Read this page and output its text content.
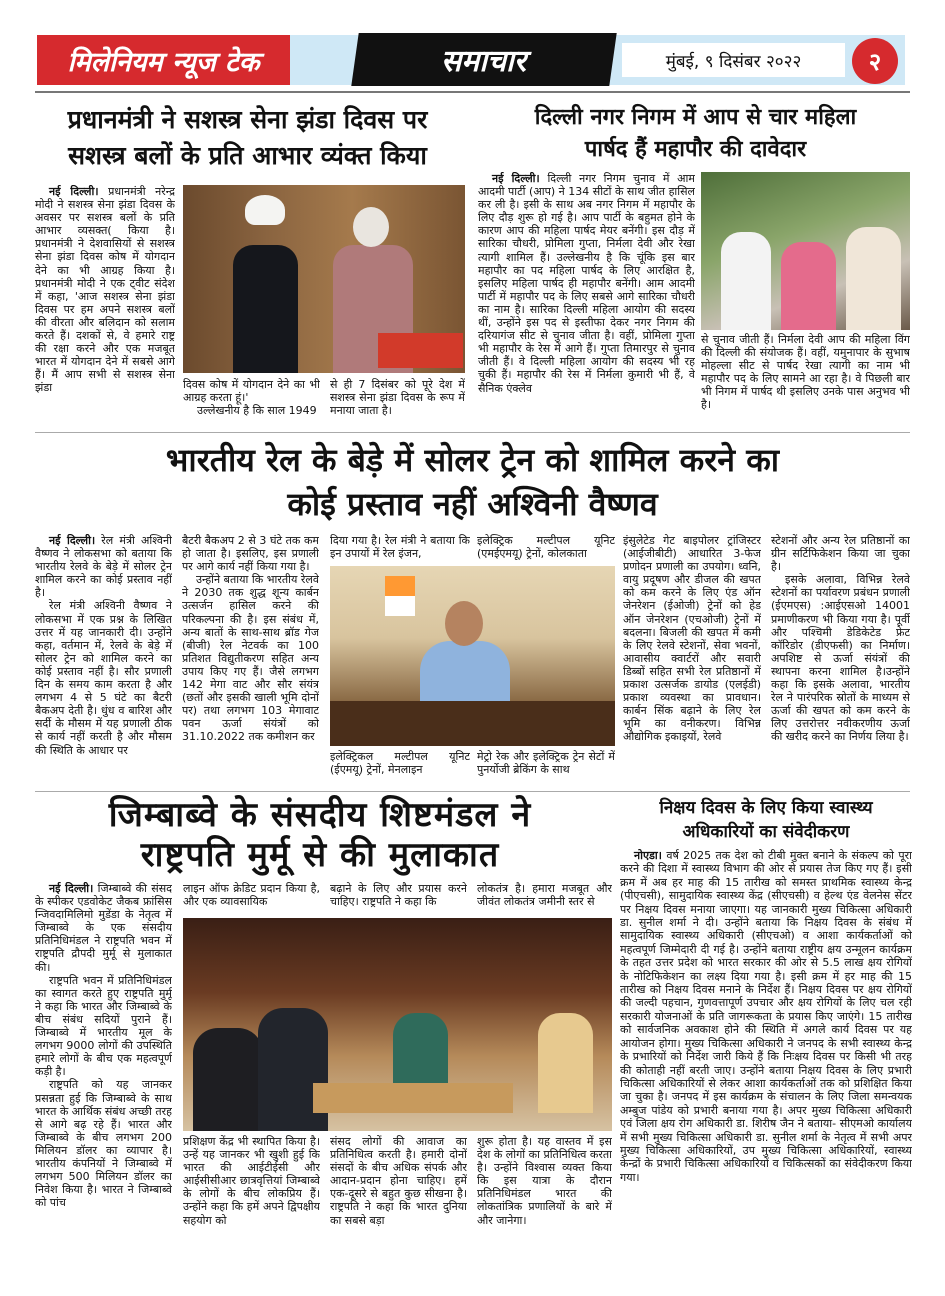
मिलेनियम न्यूज टेक	समाचार	मुंबई, ९ दिसंबर २०२२	२
प्रधानमंत्री ने सशस्त्र सेना झंडा दिवस पर
सशस्त्र बलों के प्रति आभार व्यंक्त किया

नई दिल्ली। प्रधानमंत्री नरेन्द्र मोदी ने सशस्त्र सेना झंडा दिवस के अवसर पर सशस्त्र बलों के प्रति आभार व्यसक्त( किया है। प्रधानमंत्री ने देशवासियों से सशस्त्र सेना झंडा दिवस कोष में योगदान देने का भी आग्रह किया है। प्रधानमंत्री मोदी ने एक ट्वीट संदेश में कहा, 'आज सशस्त्र सेना झंडा दिवस पर हम अपने सशस्त्र बलों की वीरता और बलिदान को सलाम करते हैं। दशकों से, वे हमारे राष्ट्र की रक्षा करने और एक मजबूत भारत में योगदान देने में सबसे आगे हैं। मैं आप सभी से सशस्त्र सेना झंडा	दिवस कोष में योगदान देने का भी आग्रह करता हूं।'

उल्लेखनीय है कि साल 1949

से ही 7 दिसंबर को पूरे देश में सशस्त्र सेना झंडा दिवस के रूप में मनाया जाता है।

दिल्ली नगर निगम में आप से चार महिला
पार्षद हैं महापौर की दावेदार

नई दिल्ली। दिल्ली नगर निगम चुनाव में आम आदमी पार्टी (आप) ने 134 सीटों के साथ जीत हासिल कर ली है। इसी के साथ अब नगर निगम में महापौर के लिए दौड़ शुरू हो गई है। आप पार्टी के बहुमत होने के कारण आप की महिला पार्षद मेयर बनेंगी। इस दौड़ में सारिका चौधरी, प्रोमिला गुप्ता, निर्मला देवी और रेखा त्यागी शामिल हैं। उल्लेखनीय है कि चूंकि इस बार महापौर का पद महिला पार्षद के लिए आरक्षित है, इसलिए महिला पार्षद ही महापौर बनेंगी। आम आदमी पार्टी में महापौर पद के लिए सबसे आगे सारिका चौधरी का नाम है। सारिका दिल्ली महिला आयोग की सदस्य थीं, उन्होंने इस पद से इस्तीफा देकर नगर निगम की दरियागंज सीट से चुनाव जीता है। वहीं, प्रोमिला गुप्ता भी महापौर के रेस में आगे हैं। गुप्ता तिमारपुर से चुनाव जीती हैं। वे दिल्ली महिला आयोग की सदस्य भी रह चुकी हैं। महापौर की रेस में निर्मला कुमारी भी हैं, वे सैनिक एंक्लेव

से चुनाव जीती हैं। निर्मला देवी आप की महिला विंग की दिल्ली की संयोजक हैं। वहीं, यमुनापार के सुभाष मोहल्ला सीट से पार्षद रेखा त्यागी का नाम भी महापौर पद के लिए सामने आ रहा है। वे पिछली बार भी निगम में पार्षद थी इसलिए उनके पास अनुभव भी है।

भारतीय रेल के बेड़े में सोलर ट्रेन को शामिल करने का
कोई प्रस्ताव नहीं अश्विनी वैष्णव

नई दिल्ली। रेल मंत्री अश्विनी वैष्णव ने लोकसभा को बताया कि भारतीय रेलवे के बेड़े में सोलर ट्रेन शामिल करने का कोई प्रस्ताव नहीं है।

रेल मंत्री अश्विनी वैष्णव ने लोकसभा में एक प्रश्न के लिखित उत्तर में यह जानकारी दी। उन्होंने कहा, वर्तमान में, रेलवे के बेड़े में सोलर ट्रेन को शामिल करने का कोई प्रस्ताव नहीं है। सौर प्रणाली दिन के समय काम करता है और लगभग 4 से 5 घंटे का बैटरी बैकअप देती है। धुंध व बारिश और सर्दी के मौसम में यह प्रणाली ठीक से कार्य नहीं करती है और मौसम की स्थिति के आधार पर

बैटरी बैकअप 2 से 3 घंटे तक कम हो जाता है। इसलिए, इस प्रणाली पर आगे कार्य नहीं किया गया है।

उन्होंने बताया कि भारतीय रेलवे ने 2030 तक शुद्ध शून्य कार्बन उत्सर्जन हासिल करने की परिकल्पना की है। इस संबंध में, अन्य बातों के साथ-साथ ब्रॉड गेज (बीजी) रेल नेटवर्क का 100 प्रतिशत विद्युतीकरण सहित अन्य उपाय किए गए हैं। जैसे लगभग 142 मेगा वाट और सौर संयंत्र (छतों और इसकी खाली भूमि दोनों पर) तथा लगभग 103 मेगावाट पवन ऊर्जा संयंत्रों को 31.10.2022 तक कमीशन कर

दिया गया है। रेल मंत्री ने बताया कि इन उपायों में रेल इंजन,

इलेक्ट्रिक मल्टीपल यूनिट (एमईएमयू) ट्रेनों, कोलकाता

इलेक्ट्रिकल मल्टीपल यूनिट (ईएमयू) ट्रेनों, मेनलाइन

मेट्रो रेक और इलेक्ट्रिक ट्रेन सेटों में पुनर्योजी ब्रेकिंग के साथ

इंसुलेटेड गेट बाइपोलर ट्रांजिस्टर (आईजीबीटी) आधारित 3-फेज प्रणोदन प्रणाली का उपयोग। ध्वनि, वायु प्रदूषण और डीजल की खपत को कम करने के लिए एंड ऑन जेनरेशन (ईओजी) ट्रेनों को हेड ऑन जेनरेशन (एचओजी) ट्रेनों में बदलना। बिजली की खपत में कमी के लिए रेलवे स्टेशनों, सेवा भवनों, आवासीय क्वार्टरों और सवारी डिब्बों सहित सभी रेल प्रतिष्ठानों में प्रकाश उत्सर्जक डायोड (एलईडी) प्रकाश व्यवस्था का प्रावधान। कार्बन सिंक बढ़ाने के लिए रेल भूमि का वनीकरण। विभिन्न औद्योगिक इकाइयों, रेलवे

स्टेशनों और अन्य रेल प्रतिष्ठानों का ग्रीन सर्टिफिकेशन किया जा चुका है।

इसके अलावा, विभिन्न रेलवे स्टेशनों का पर्यावरण प्रबंधन प्रणाली (ईएमएस) :आईएसओ 14001 प्रमाणीकरण भी किया गया है। पूर्वी और पश्चिमी डेडिकेटेड फ्रेट कॉरिडोर (डीएफसी) का निर्माण। अपशिष्ट से ऊर्जा संयंत्रों की स्थापना करना शामिल है।उन्होंने कहा कि इसके अलावा, भारतीय रेल ने पारंपरिक स्रोतों के माध्यम से ऊर्जा की खपत को कम करने के लिए उत्तरोत्तर नवीकरणीय ऊर्जा की खरीद करने का निर्णय लिया है।

जिम्बाब्वे के संसदीय शिष्टमंडल ने
राष्ट्रपति मुर्मू से की मुलाकात

नई दिल्ली। जिम्बाब्वे की संसद के स्पीकर एडवोकेट जैकब फ्रांसिस न्जिवदामिलिमो मुडेंडा के नेतृत्व में जिम्बाब्वे के एक संसदीय प्रतिनिधिमंडल ने राष्ट्रपति भवन में राष्ट्रपति द्रौपदी मुर्मू से मुलाकात की।

राष्ट्रपति भवन में प्रतिनिधिमंडल का स्वागत करते हुए राष्ट्रपति मुर्मू ने कहा कि भारत और जिम्बाब्वे के बीच संबंध सदियों पुराने हैं। जिम्बाब्वे में भारतीय मूल के लगभग 9000 लोगों की उपस्थिति हमारे लोगों के बीच एक महत्वपूर्ण कड़ी है।

राष्ट्रपति को यह जानकर प्रसन्नता हुई कि जिम्बाब्वे के साथ भारत के आर्थिक संबंध अच्छी तरह से आगे बढ़ रहे हैं। भारत और जिम्बाब्वे के बीच लगभग 200 मिलियन डॉलर का व्यापार है। भारतीय कंपनियों ने जिम्बाब्वे में लगभग 500 मिलियन डॉलर का निवेश किया है। भारत ने जिम्बाब्वे को पांच

लाइन ऑफ क्रेडिट प्रदान किया है, और एक व्यावसायिक

बढ़ाने के लिए और प्रयास करने चाहिए। राष्ट्रपति ने कहा कि

लोकतंत्र है। हमारा मजबूत और जीवंत लोकतंत्र जमीनी स्तर से

प्रशिक्षण केंद्र भी स्थापित किया है। उन्हें यह जानकर भी खुशी हुई कि भारत की आईटीईसी और आईसीसीआर छात्रवृत्तियां जिम्बाब्वे के लोगों के बीच लोकप्रिय हैं। उन्होंने कहा कि हमें अपने द्विपक्षीय सहयोग को

संसद लोगों की आवाज का प्रतिनिधित्व करती है। हमारी दोनों संसदों के बीच अधिक संपर्क और आदान-प्रदान होना चाहिए। हमें एक-दूसरे से बहुत कुछ सीखना है। राष्ट्रपति ने कहा कि भारत दुनिया का सबसे बड़ा

शुरू होता है। यह वास्तव में इस देश के लोगों का प्रतिनिधित्व करता है। उन्होंने विश्वास व्यक्त किया कि इस यात्रा के दौरान प्रतिनिधिमंडल भारत की लोकतांत्रिक प्रणालियों के बारे में और जानेगा।

निक्षय दिवस के लिए किया स्वास्थ्य
अधिकारियों का संवेदीकरण

नोएडा। वर्ष 2025 तक देश को टीबी मुक्त बनाने के संकल्प को पूरा करने की दिशा में स्वास्थ्य विभाग की ओर से प्रयास तेज किए गए हैं। इसी क्रम में अब हर माह की 15 तारीख को समस्त प्राथमिक स्वास्थ्य केन्द्र (पीएचसी), सामुदायिक स्वास्थ्य केंद्र (सीएचसी) व हेल्थ एंड वेलनेस सेंटर पर निक्षय दिवस मनाया जाएगा। यह जानकारी मुख्य चिकित्सा अधिकारी डा. सुनील शर्मा ने दी। उन्होंने बताया कि निक्षय दिवस के संबंध में सामुदायिक स्वास्थ्य अधिकारी (सीएचओ) व आशा कार्यकर्ताओं को महत्वपूर्ण जिम्मेदारी दी गई है। उन्होंने बताया राष्ट्रीय क्षय उन्मूलन कार्यक्रम के तहत उत्तर प्रदेश को भारत सरकार की ओर से 5.5 लाख क्षय रोगियों के नोटिफिकेशन का लक्ष्य दिया गया है। इसी क्रम में हर माह की 15 तारीख को निक्षय दिवस मनाने के निर्देश हैं। निक्षय दिवस पर क्षय रोगियों की जल्दी पहचान, गुणवत्तापूर्ण उपचार और क्षय रोगियों के लिए चल रही सरकारी योजनाओं के प्रति जागरूकता के प्रयास किए जाएंगे। 15 तारीख को सार्वजनिक अवकाश होने की स्थिति में अगले कार्य दिवस पर यह आयोजन होगा। मुख्य चिकित्सा अधिकारी ने जनपद के सभी स्वास्थ्य केन्द्र के प्रभारियों को निर्देश जारी किये हैं कि निःक्षय दिवस पर किसी भी तरह की कोताही नहीं बरती जाए। उन्होंने बताया निक्षय दिवस के लिए प्रभारी चिकित्सा अधिकारियों से लेकर आशा कार्यकर्ताओं तक को प्रशिक्षित किया जा चुका है। जनपद में इस कार्यक्रम के संचालन के लिए जिला समन्वयक अम्बुज पांडेय को प्रभारी बनाया गया है। अपर मुख्य चिकित्सा अधिकारी एवं जिला क्षय रोग अधिकारी डा. शिरीष जैन ने बताया- सीएमओ कार्यालय में सभी मुख्य चिकित्सा अधिकारी डा. सुनील शर्मा के नेतृत्व में सभी अपर मुख्य चिकित्सा अधिकारियों, उप मुख्य चिकित्सा अधिकारियों, स्वास्थ्य केन्द्रों के प्रभारी चिकित्सा अधिकारियों व चिकित्सकों का संवेदीकरण किया गया।
